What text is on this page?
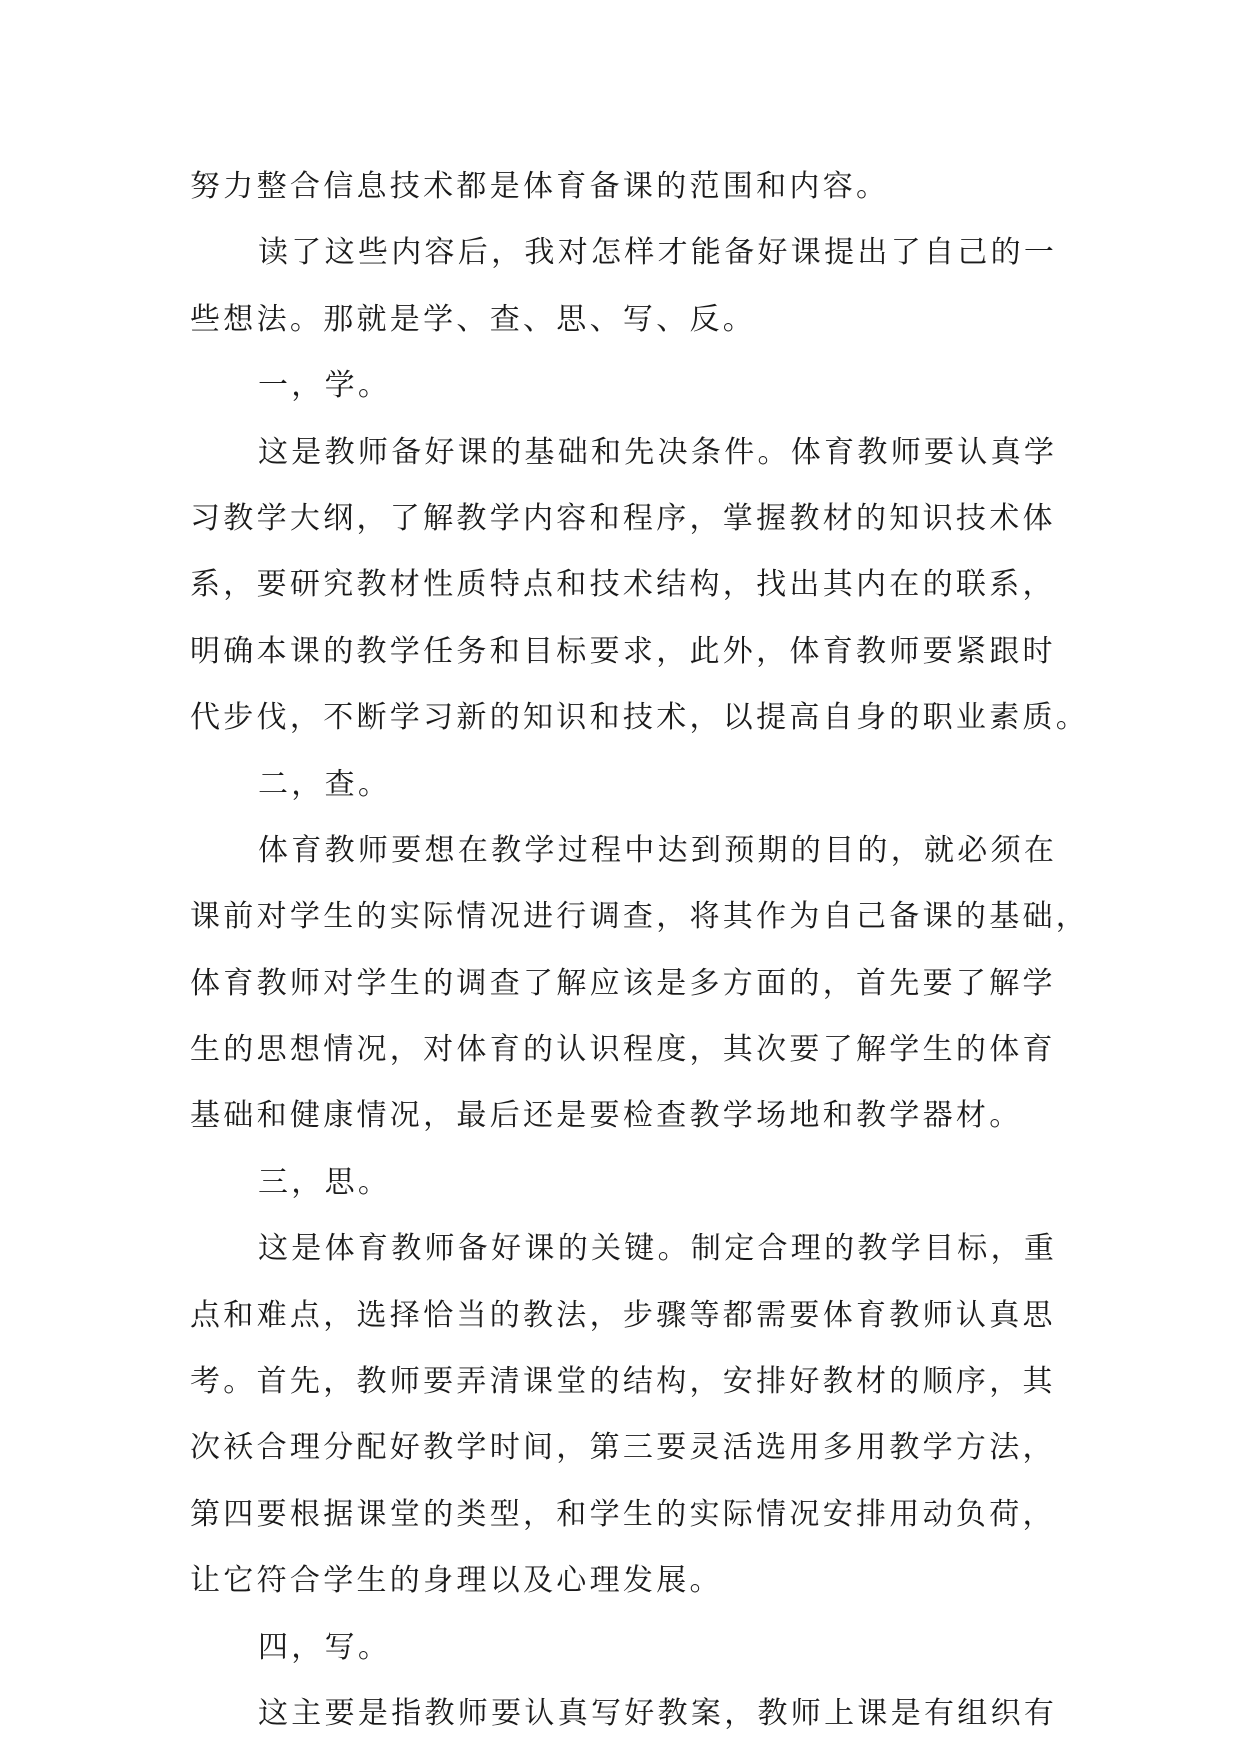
努力整合信息技术都是体育备课的范围和内容。
读了这些内容后，我对怎样才能备好课提出了自己的一
些想法。那就是学、查、思、写、反。
一，学。
这是教师备好课的基础和先决条件。体育教师要认真学
习教学大纲，了解教学内容和程序，掌握教材的知识技术体
系，要研究教材性质特点和技术结构，找出其内在的联系，
明确本课的教学任务和目标要求，此外，体育教师要紧跟时
代步伐，不断学习新的知识和技术，以提高自身的职业素质。
二，查。
体育教师要想在教学过程中达到预期的目的，就必须在
课前对学生的实际情况进行调查，将其作为自己备课的基础，
体育教师对学生的调查了解应该是多方面的，首先要了解学
生的思想情况，对体育的认识程度，其次要了解学生的体育
基础和健康情况，最后还是要检查教学场地和教学器材。
三，思。
这是体育教师备好课的关键。制定合理的教学目标，重
点和难点，选择恰当的教法，步骤等都需要体育教师认真思
考。首先，教师要弄清课堂的结构，安排好教材的顺序，其
次袄合理分配好教学时间，第三要灵活选用多用教学方法，
第四要根据课堂的类型，和学生的实际情况安排用动负荷，
让它符合学生的身理以及心理发展。
四，写。
这主要是指教师要认真写好教案，教师上课是有组织有
